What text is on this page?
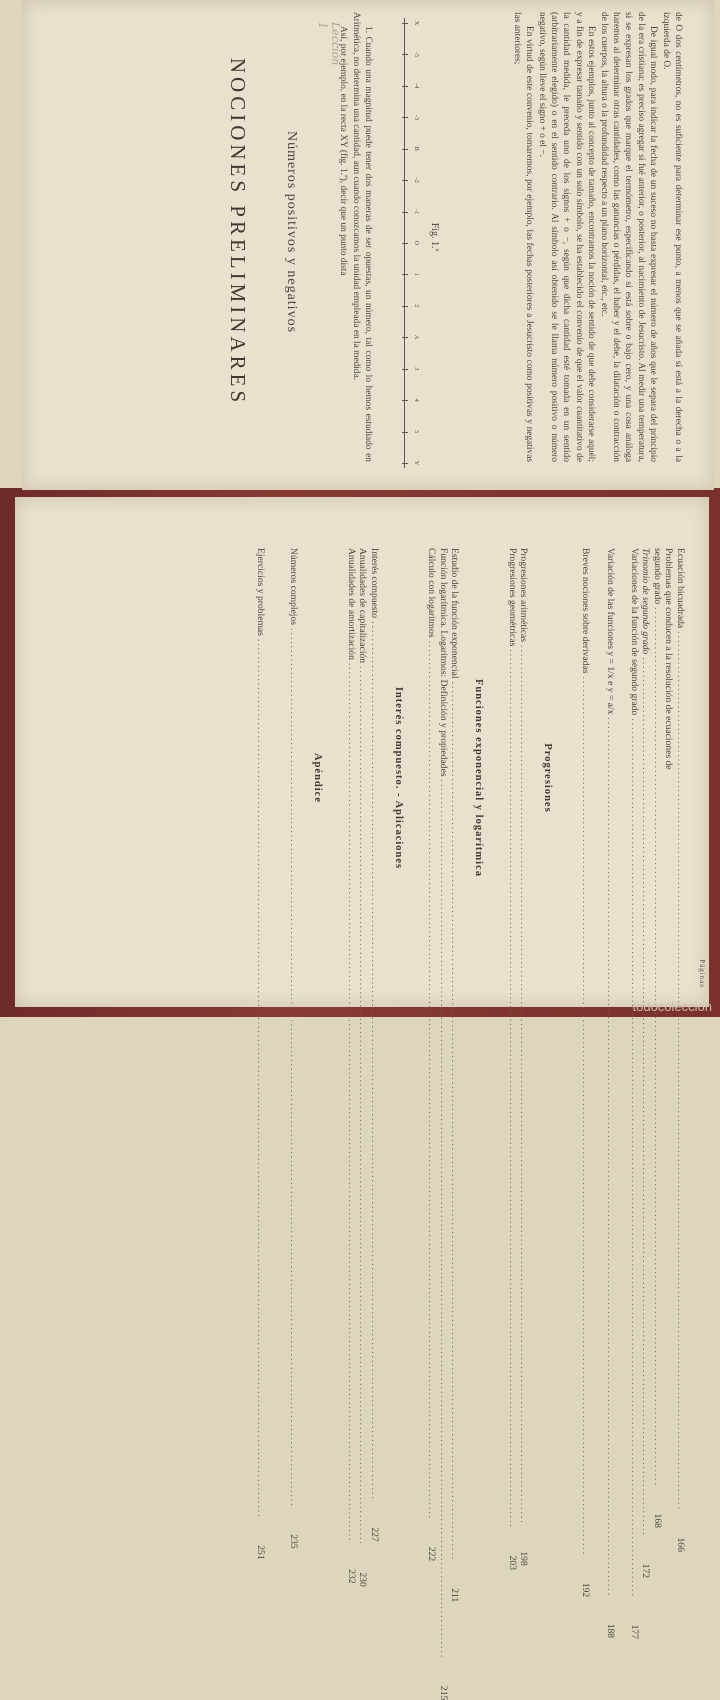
NOCIONES PRELIMINARES Números positivos y negativos	1. Cuando una magnitud puede tener dos maneras de ser opuestas, un número, tal como lo hemos estudiado en Aritmética, no determina una cantidad, aun cuando conozcamos la unidad empleada en la medida.
Así, por ejemplo, en la recta XY (fig. 1.ª), decir que un punto dista
X
-5
-4
-3
B
-2
-1
O
1
2
A
3
4
5
Y
Fig. 1.ª	de O dos centímetros, no es suficiente para determinar ese punto, a menos que se añada si está a la derecha o a la izquierda de O.
De igual modo, para indicar la fecha de un suceso no basta expresar el número de años que le separa del principio de la era cristiana; es preciso agregar si fué anterior, o posterior, al nacimiento de Jesucristo. Al medir una temperatura, si se expresan los grados que marque el termómetro, especificando si está sobre o bajo cero, y una cosa análoga haremos al determinar otras cantidades, como las ganancias o pérdidas, el haber y el debe, la dilatación o contracción de los cuerpos, la altura o la profundidad respecto a un plano horizontal, etc., etc.
En estos ejemplos, junto al concepto de tamaño, encontramos la noción de sentido de que debe considerarse aquél; y a fin de expresar tamaño y sentido con un solo símbolo, se ha establecido el convenio de que el valor cuantitativo de la cantidad medida, le preceda uno de los signos + o −, según que dicha cantidad esté tomada en un sentido (arbitrariamente elegido) o en el sentido contrario. Al símbolo así obtenido se le llama número positivo o número negativo, según lleve el signo + o el −.
En virtud de este convenio, tomaremos, por ejemplo, las fechas posteriores a Jesucristo como positivas y negativas las anteriores;
Lección 1
Páginas
Ecuación bicuadrada
........................................................................................................................................................................................................
166
Problemas que conducen a la resolución de ecuaciones de
segundo grado
........................................................................................................................................................................................................
168
Trinomio de segundo grado
........................................................................................................................................................................................................
172
Variaciones de la función de segundo grado
........................................................................................................................................................................................................
177
Variación de las funciones y = 1/x e y = a/x
........................................................................................................................................................................................................
188
Breves nociones sobre derivadas
........................................................................................................................................................................................................
192
Progresiones
Progresiones aritméticas
........................................................................................................................................................................................................
198
Progresiones geométricas
........................................................................................................................................................................................................
203
Funciones exponencial y logarítmica
Estudio de la función exponencial
........................................................................................................................................................................................................
211
Función logarítmica. Logaritmos: Definición y propiedades
........................................................................................................................................................................................................
215
Cálculo con logaritmos
........................................................................................................................................................................................................
222
Interés compuesto. - Aplicaciones
Interés compuesto
........................................................................................................................................................................................................
227
Anualidades de capitalización
........................................................................................................................................................................................................
230
Anualidades de amortización
........................................................................................................................................................................................................
232
Apéndice
Números complejos
........................................................................................................................................................................................................
235
Ejercicios y problemas
........................................................................................................................................................................................................
251
todocoleccion
